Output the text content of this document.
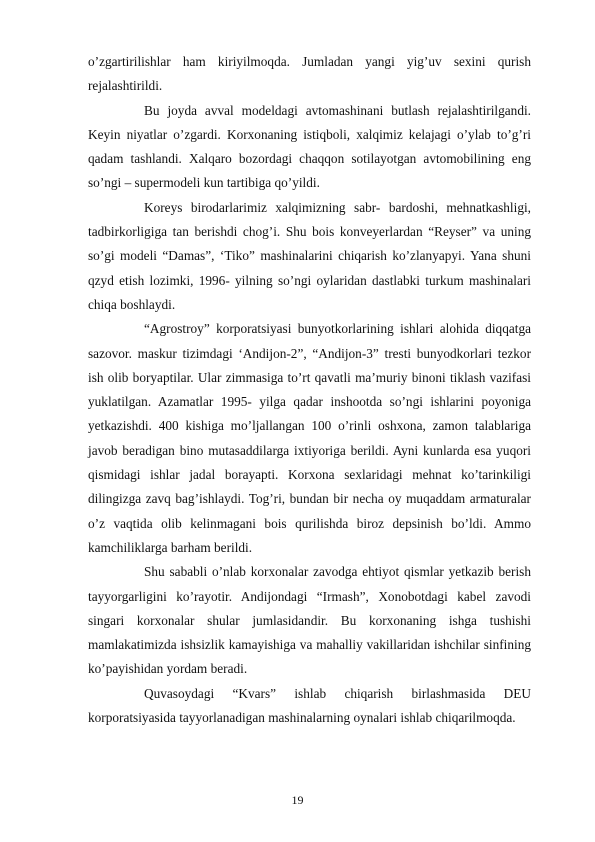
o’zgartirilishlar ham kiriyilmoqda. Jumladan yangi yig’uv sexini qurish rejalashtirildi.

Bu joyda avval modeldagi avtomashinani butlash rejalashtirilgandi. Keyin niyatlar o’zgardi. Korxonaning istiqboli, xalqimiz kelajagi o’ylab to’g’ri qadam tashlandi. Xalqaro bozordagi chaqqon sotilayotgan avtomobilining eng so’ngi – supermodeli kun tartibiga qo’yildi.

Koreys birodarlarimiz xalqimizning sabr- bardoshi, mehnatkashligi, tadbirkorligiga tan berishdi chog’i. Shu bois konveyerlardan “Reyser” va uning so’gi modeli “Damas”, ‘Tiko” mashinalarini chiqarish ko’zlanyapyi. Yana shuni qzyd etish lozimki, 1996- yilning so’ngi oylaridan dastlabki turkum mashinalari chiqa boshlaydi.

“Agrostroy” korporatsiyasi bunyotkorlarining ishlari alohida diqqatga sazovor. maskur tizimdagi ‘Andijon-2”, “Andijon-3” tresti bunyodkorlari tezkor ish olib boryaptilar. Ular zimmasiga to’rt qavatli ma’muriy binoni tiklash vazifasi yuklatilgan. Azamatlar 1995- yilga qadar inshootda so’ngi ishlarini poyoniga yetkazishdi. 400 kishiga mo’ljallangan 100 o’rinli oshxona, zamon talablariga javob beradigan bino mutasaddilarga ixtiyoriga berildi. Ayni kunlarda esa yuqori qismidagi ishlar jadal borayapti. Korxona sexlaridagi mehnat ko’tarinkiligi dilingizga zavq bag’ishlaydi. Tog’ri, bundan bir necha oy muqaddam armaturalar o’z vaqtida olib kelinmagani bois qurilishda biroz depsinish bo’ldi. Ammo kamchiliklarga barham berildi.

Shu sababli o’nlab korxonalar zavodga ehtiyot qismlar yetkazib berish tayyorgarligini ko’rayotir. Andijondagi “Irmash”, Xonobotdagi kabel zavodi singari korxonalar shular jumlasidandir. Bu korxonaning ishga tushishi mamlakatimizda ishsizlik kamayishiga va mahalliy vakillaridan ishchilar sinfining ko’payishidan yordam beradi.

Quvasoydagi “Kvars” ishlab chiqarish birlashmasida DEU korporatsiyasida tayyorlanadigan mashinalarning oynalari ishlab chiqarilmoqda.

19
